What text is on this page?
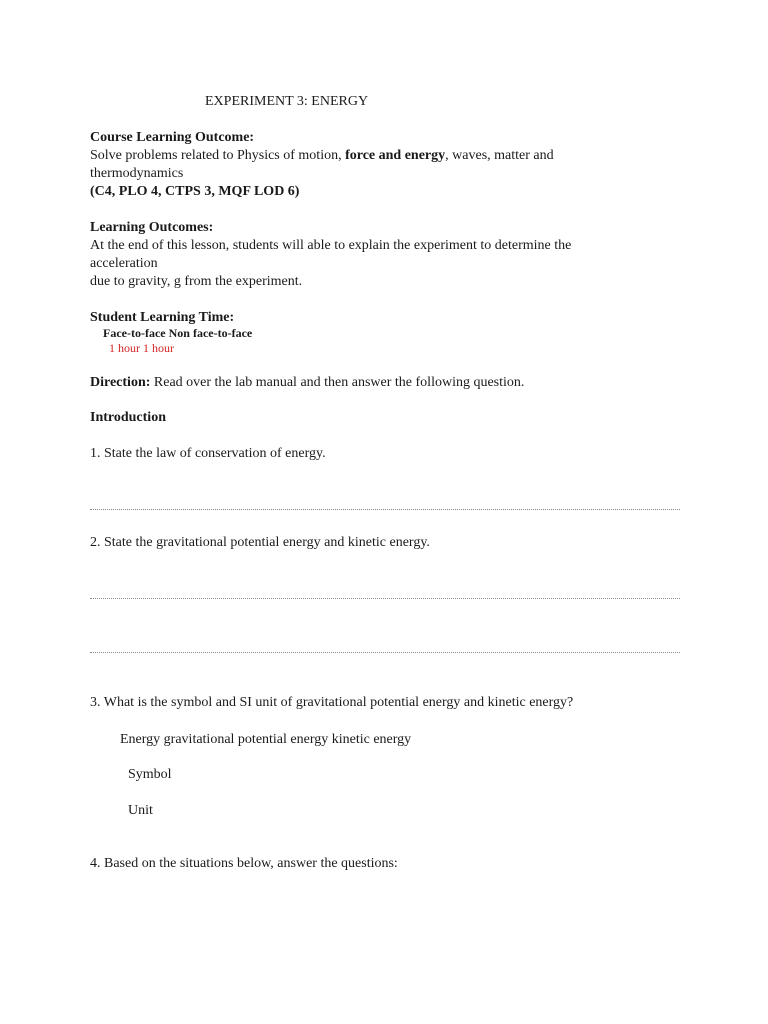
EXPERIMENT 3: ENERGY
Course Learning Outcome:
Solve problems related to Physics of motion, force and energy, waves, matter and
thermodynamics
(C4, PLO 4, CTPS 3, MQF LOD 6)
Learning Outcomes:
At the end of this lesson, students will able to explain the experiment to determine the
acceleration
due to gravity, g from the experiment.
Student Learning Time:
Face-to-face Non face-to-face
1 hour 1 hour
Direction: Read over the lab manual and then answer the following question.
Introduction
1. State the law of conservation of energy.
2. State the gravitational potential energy and kinetic energy.
3. What is the symbol and SI unit of gravitational potential energy and kinetic energy?
Energy gravitational potential energy kinetic energy
Symbol
Unit
4. Based on the situations below, answer the questions:
